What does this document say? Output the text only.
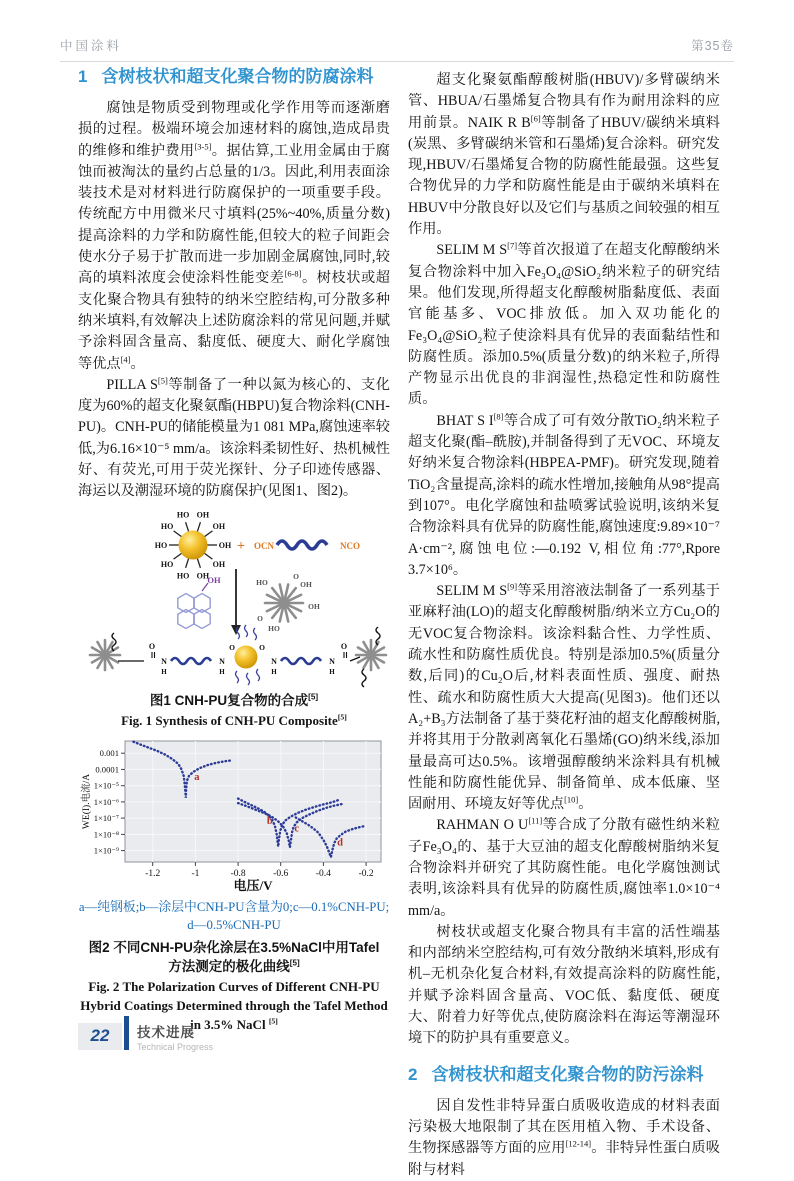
中国涂料	第35卷
1 含树枝状和超支化聚合物的防腐涂料

腐蚀是物质受到物理或化学作用等而逐渐磨损的过程。极端环境会加速材料的腐蚀,造成昂贵的维修和维护费用[3-5]。据估算,工业用金属由于腐蚀而被淘汰的量约占总量的1/3。因此,利用表面涂装技术是对材料进行防腐保护的一项重要手段。传统配方中用微米尺寸填料(25%~40%,质量分数)提高涂料的力学和防腐性能,但较大的粒子间距会使水分子易于扩散而进一步加剧金属腐蚀,同时,较高的填料浓度会使涂料性能变差[6-8]。树枝状或超支化聚合物具有独特的纳米空腔结构,可分散多种纳米填料,有效解决上述防腐涂料的常见问题,并赋予涂料固含量高、黏度低、硬度大、耐化学腐蚀等优点[4]。

PILLA S[5]等制备了一种以氮为核心的、支化度为60%的超支化聚氨酯(HBPU)复合物涂料(CNH-PU)。CNH-PU的储能模量为1 081 MPa,腐蚀速率较低,为6.16×10⁻⁵ mm/a。该涂料柔韧性好、热机械性好、有荧光,可用于荧光探针、分子印迹传感器、海运以及潮湿环境的防腐保护(见图1、图2)。

OH
OH
OH
HO
HO
HO
HO
HO OH
OH
+ OCN	NCO
OH	OH
OH
HO
HO
O
O
O
N
H
N
H
O	O
N
H
N
H
O
图1 CNH-PU复合物的合成[5]
Fig. 1 Synthesis of CNH-PU Composite[5]
-1.2	-1	-0.8	-0.6	-0.4	-0.2
0.001
0.0001
1×10⁻⁵
1×10⁻⁶
1×10⁻⁷
1×10⁻⁸
1×10⁻⁹
a
b
c
d
WE(I).电流/A
电压/V
a—纯钢板;b—涂层中CNH-PU含量为0;c—0.1%CNH-PU;
d—0.5%CNH-PU
图2 不同CNH-PU杂化涂层在3.5%NaCl中用Tafel方法测定的极化曲线[5]
Fig. 2 The Polarization Curves of Different CNH-PU Hybrid Coatings Determined through the Tafel Method in 3.5% NaCl [5]

超支化聚氨酯醇酸树脂(HBUV)/多臂碳纳米管、HBUA/石墨烯复合物具有作为耐用涂料的应用前景。NAIK R B[6]等制备了HBUV/碳纳米填料(炭黑、多臂碳纳米管和石墨烯)复合涂料。研究发现,HBUV/石墨烯复合物的防腐性能最强。这些复合物优异的力学和防腐性能是由于碳纳米填料在HBUV中分散良好以及它们与基质之间较强的相互作用。

SELIM M S[7]等首次报道了在超支化醇酸纳米复合物涂料中加入Fe₃O₄@SiO₂纳米粒子的研究结果。他们发现,所得超支化醇酸树脂黏度低、表面官能基多、VOC排放低。加入双功能化的Fe₃O₄@SiO₂粒子使涂料具有优异的表面黏结性和防腐性质。添加0.5%(质量分数)的纳米粒子,所得产物显示出优良的非润湿性,热稳定性和防腐性质。

BHAT S I[8]等合成了可有效分散TiO₂纳米粒子超支化聚(酯–酰胺),并制备得到了无VOC、环境友好纳米复合物涂料(HBPEA-PMF)。研究发现,随着TiO₂含量提高,涂料的疏水性增加,接触角从98°提高到107°。电化学腐蚀和盐喷雾试验说明,该纳米复合物涂料具有优异的防腐性能,腐蚀速度:9.89×10⁻⁷ A·cm⁻²,腐蚀电位:—0.192 V,相位角:77°,Rpore 3.7×10⁶。

SELIM M S[9]等采用溶液法制备了一系列基于亚麻籽油(LO)的超支化醇酸树脂/纳米立方Cu₂O的无VOC复合物涂料。该涂料黏合性、力学性质、疏水性和防腐性质优良。特别是添加0.5%(质量分数,后同)的Cu₂O后,材料表面性质、强度、耐热性、疏水和防腐性质大大提高(见图3)。他们还以A₂+B₃方法制备了基于葵花籽油的超支化醇酸树脂,并将其用于分散剥离氧化石墨烯(GO)纳米线,添加量最高可达0.5%。该增强醇酸纳米涂料具有机械性能和防腐性能优异、制备简单、成本低廉、坚固耐用、环境友好等优点[10]。

RAHMAN O U[11]等合成了分散有磁性纳米粒子Fe₃O₄的、基于大豆油的超支化醇酸树脂纳米复合物涂料并研究了其防腐性能。电化学腐蚀测试表明,该涂料具有优异的防腐性质,腐蚀率1.0×10⁻⁴ mm/a。

树枝状或超支化聚合物具有丰富的活性端基和内部纳米空腔结构,可有效分散纳米填料,形成有机–无机杂化复合材料,有效提高涂料的防腐性能,并赋予涂料固含量高、VOC低、黏度低、硬度大、附着力好等优点,使防腐涂料在海运等潮湿环境下的防护具有重要意义。

2 含树枝状和超支化聚合物的防污涂料

因自发性非特异蛋白质吸收造成的材料表面污染极大地限制了其在医用植入物、手术设备、生物探感器等方面的应用[12-14]。非特异性蛋白质吸附与材料

22	技术进展
Technical Progress
